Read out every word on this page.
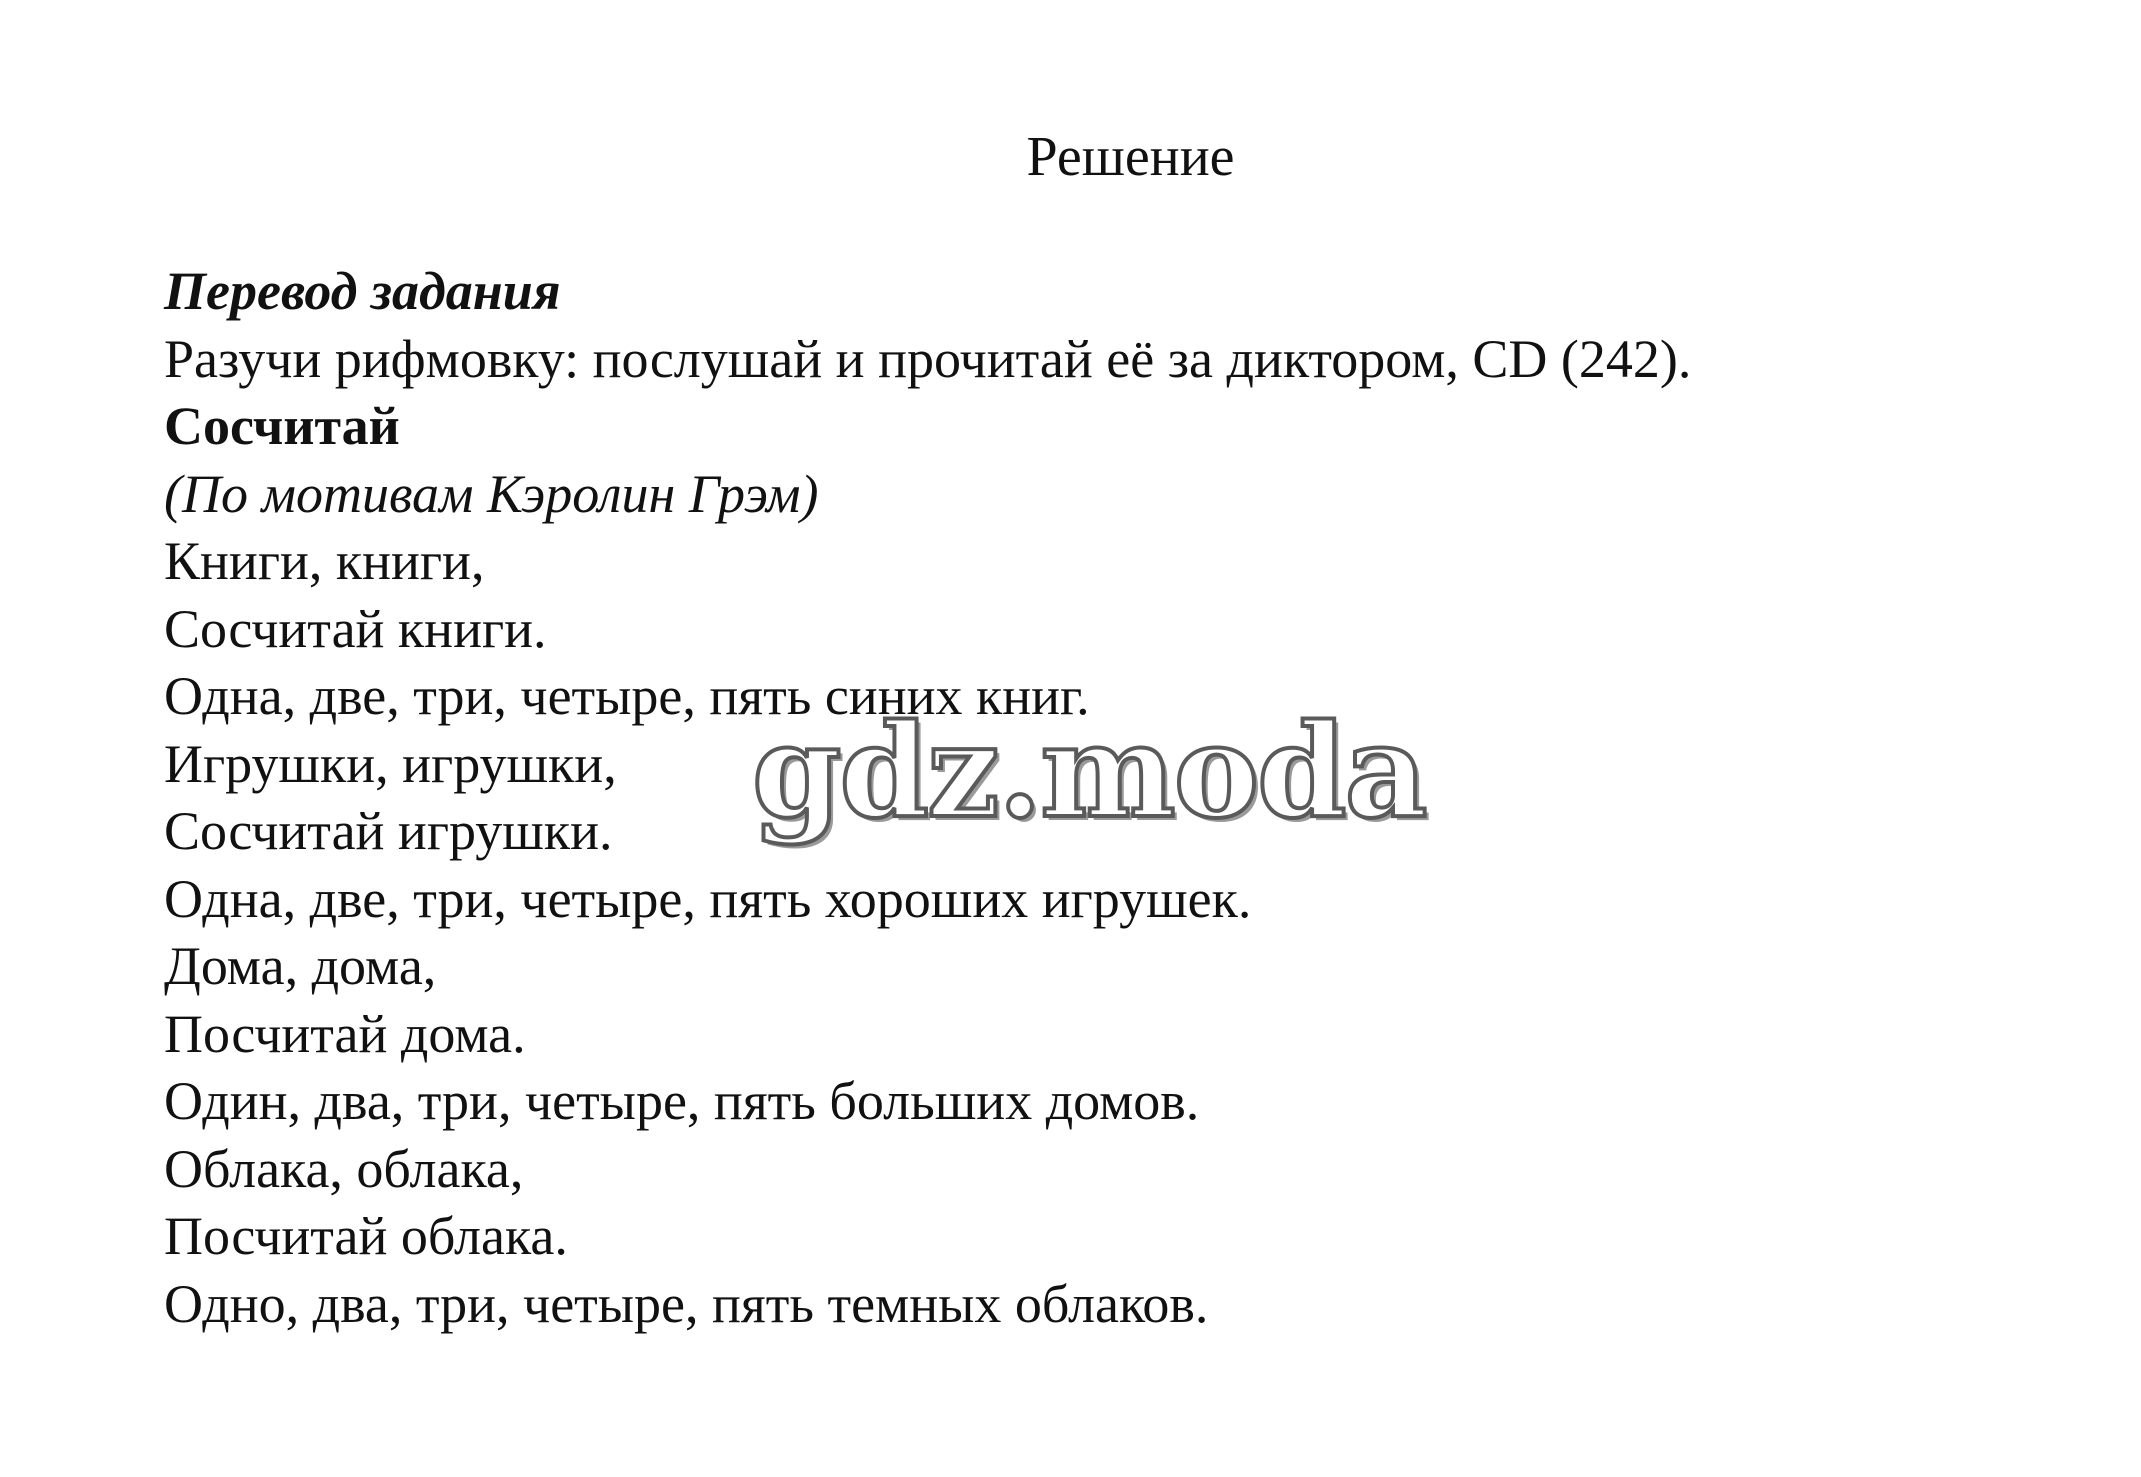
Решение

Перевод задания

Разучи рифмовку: послушай и прочитай её за диктором, CD (242).

Сосчитай

(По мотивам Кэролин Грэм)

Книги, книги,

Сосчитай книги.

Одна, две, три, четыре, пять синих книг.

Игрушки, игрушки,

Сосчитай игрушки.

Одна, две, три, четыре, пять хороших игрушек.

Дома, дома,

Посчитай дома.

Один, два, три, четыре, пять больших домов.

Облака, облака,

Посчитай облака.

Одно, два, три, четыре, пять темных облаков.

gdz.moda
